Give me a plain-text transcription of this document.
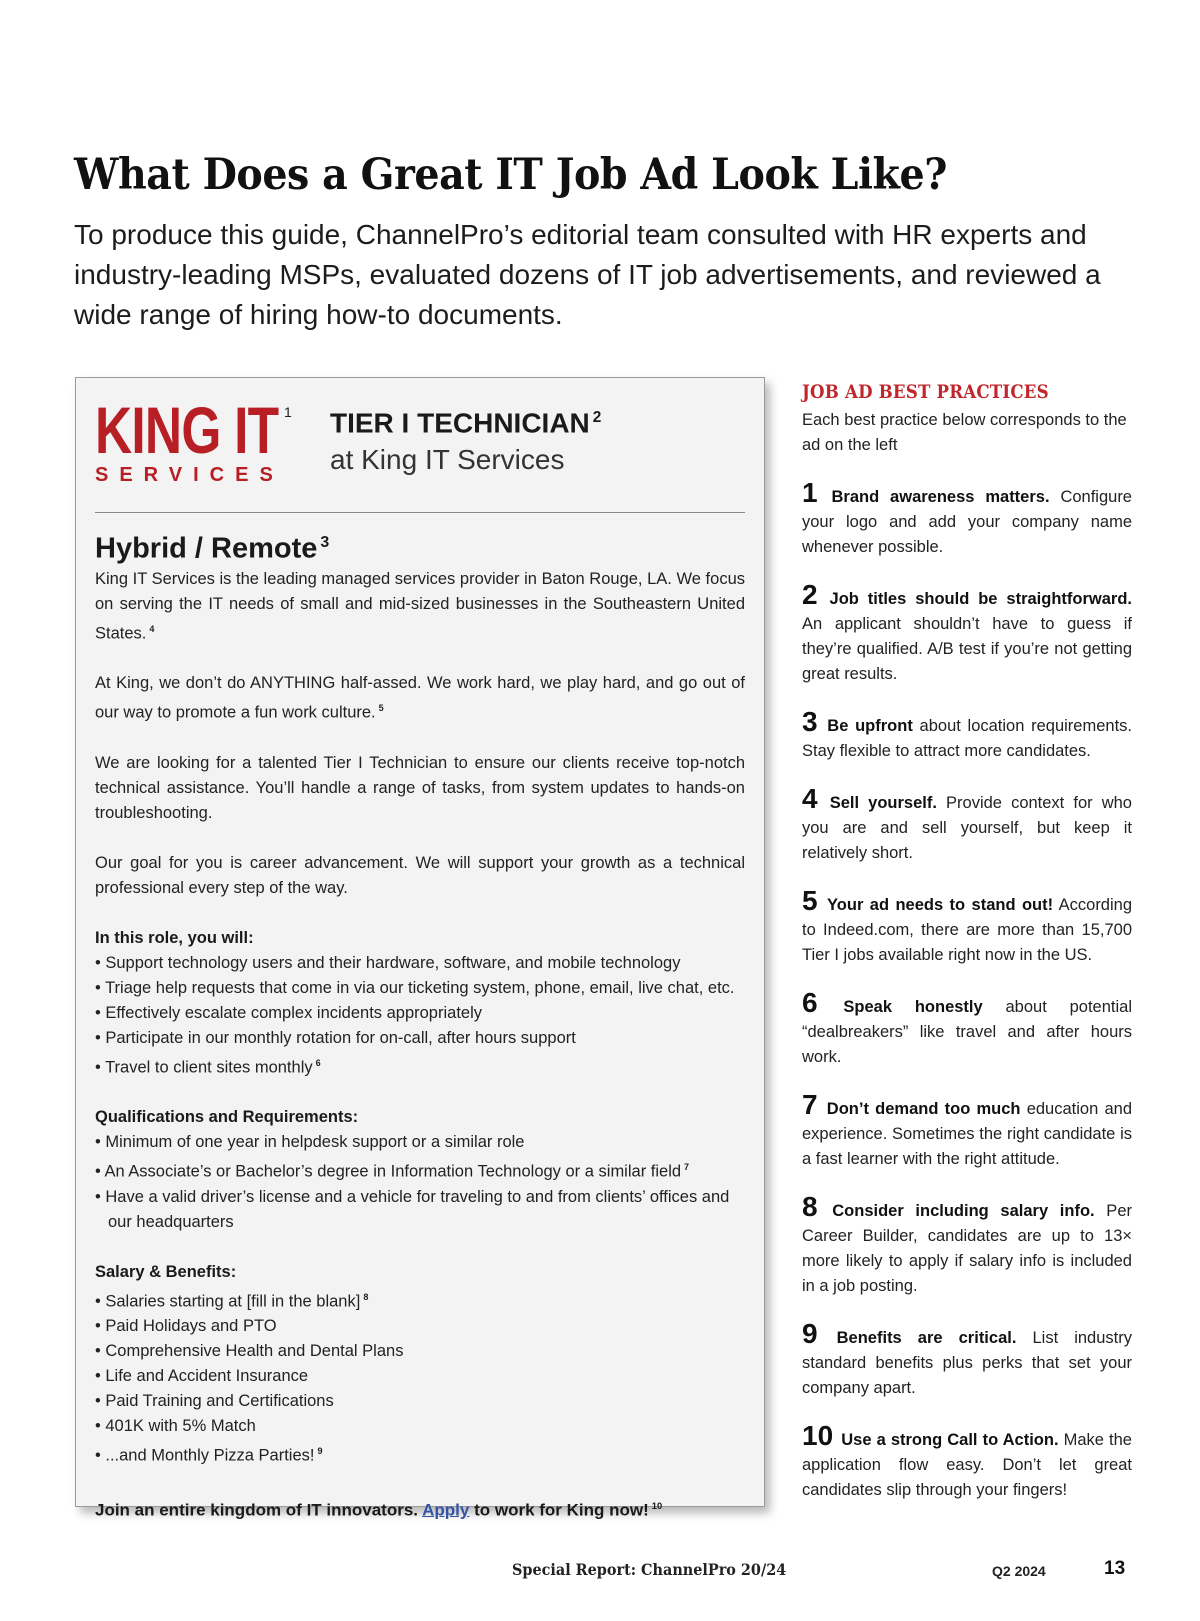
What Does a Great IT Job Ad Look Like?

To produce this guide, ChannelPro’s editorial team consulted with HR experts and industry-leading MSPs, evaluated dozens of IT job advertisements, and reviewed a wide range of hiring how-to documents.

KING IT
SERVICES
1 TIER I TECHNICIAN $^2$
at King IT Services

Hybrid / Remote $^3$

King IT Services is the leading managed services provider in Baton Rouge, LA. We focus on serving the IT needs of small and mid-sized businesses in the Southeastern United States. $^4$

At King, we don’t do ANYTHING half-assed. We work hard, we play hard, and go out of our way to promote a fun work culture. $^5$

We are looking for a talented Tier I Technician to ensure our clients receive top-notch technical assistance. You’ll handle a range of tasks, from system updates to hands-on troubleshooting.

Our goal for you is career advancement. We will support your growth as a technical professional every step of the way.

In this role, you will:

• Support technology users and their hardware, software, and mobile technology
• Triage help requests that come in via our ticketing system, phone, email, live chat, etc.
• Effectively escalate complex incidents appropriately
• Participate in our monthly rotation for on-call, after hours support
• Travel to client sites monthly $^6$

Qualifications and Requirements:

• Minimum of one year in helpdesk support or a similar role
• An Associate’s or Bachelor’s degree in Information Technology or a similar field $^7$
• Have a valid driver’s license and a vehicle for traveling to and from clients’ offices and our headquarters

Salary & Benefits:

• Salaries starting at [fill in the blank] $^8$
• Paid Holidays and PTO
• Comprehensive Health and Dental Plans
• Life and Accident Insurance
• Paid Training and Certifications
• 401K with 5% Match
• ...and Monthly Pizza Parties! $^9$

Join an entire kingdom of IT innovators. Apply to work for King now! $^{10}$

JOB AD BEST PRACTICES

Each best practice below corresponds to the ad on the left

1 Brand awareness matters. Configure your logo and add your company name whenever possible.
2 Job titles should be straightforward. An applicant shouldn’t have to guess if they’re qualified. A/B test if you’re not getting great results.
3 Be upfront about location requirements. Stay flexible to attract more candidates.
4 Sell yourself. Provide context for who you are and sell yourself, but keep it relatively short.
5 Your ad needs to stand out! According to Indeed.com, there are more than 15,700 Tier I jobs available right now in the US.
6 Speak honestly about potential “dealbreakers” like travel and after hours work.
7 Don’t demand too much education and experience. Sometimes the right candidate is a fast learner with the right attitude.
8 Consider including salary info. Per Career Builder, candidates are up to 13× more likely to apply if salary info is included in a job posting.
9 Benefits are critical. List industry standard benefits plus perks that set your company apart.
10 Use a strong Call to Action. Make the application flow easy. Don’t let great candidates slip through your fingers!
Special Report: ChannelPro 20/24	Q2 2024	13
